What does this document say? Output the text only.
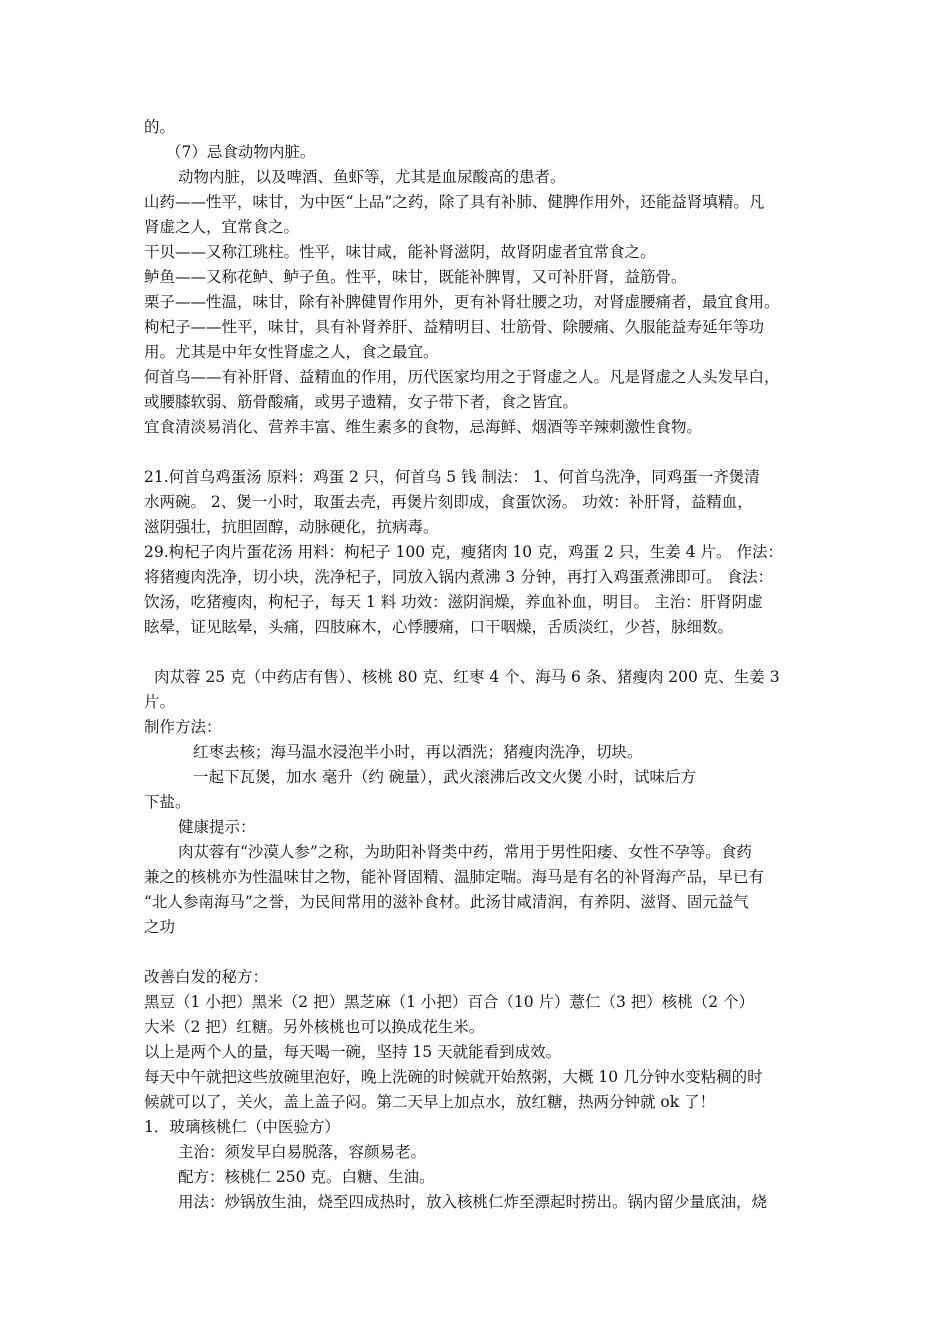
的。
（7）忌食动物内脏。
动物内脏，以及啤酒、鱼虾等，尤其是血尿酸高的患者。
山药——性平，味甘，为中医“上品”之药，除了具有补肺、健脾作用外，还能益肾填精。凡
肾虚之人，宜常食之。
干贝——又称江珧柱。性平，味甘咸，能补肾滋阴，故肾阴虚者宜常食之。
鲈鱼——又称花鲈、鲈子鱼。性平，味甘，既能补脾胃，又可补肝肾，益筋骨。
栗子——性温，味甘，除有补脾健胃作用外，更有补肾壮腰之功，对肾虚腰痛者，最宜食用。
枸杞子——性平，味甘，具有补肾养肝、益精明目、壮筋骨、除腰痛、久服能益寿延年等功
用。尤其是中年女性肾虚之人，食之最宜。
何首乌——有补肝肾、益精血的作用，历代医家均用之于肾虚之人。凡是肾虚之人头发早白，
或腰膝软弱、筋骨酸痛，或男子遗精，女子带下者，食之皆宜。
宜食清淡易消化、营养丰富、维生素多的食物，忌海鲜、烟酒等辛辣刺激性食物。
21.何首乌鸡蛋汤 原料：鸡蛋 2 只，何首乌 5 钱 制法： 1、何首乌洗净，同鸡蛋一齐煲清
水两碗。 2、煲一小时，取蛋去壳，再煲片刻即成，食蛋饮汤。 功效：补肝肾，益精血，
滋阴强壮，抗胆固醇，动脉硬化，抗病毒。
29.枸杞子肉片蛋花汤 用料：枸杞子 100 克，瘦猪肉 10 克，鸡蛋 2 只，生姜 4 片。 作法：
将猪瘦肉洗净，切小块，洗净杞子，同放入锅内煮沸 3 分钟，再打入鸡蛋煮沸即可。 食法：
饮汤，吃猪瘦肉，枸杞子，每天 1 料 功效：滋阴润燥，养血补血，明目。 主治：肝肾阴虚
眩晕，证见眩晕，头痛，四肢麻木，心悸腰痛，口干咽燥，舌质淡红，少苔，脉细数。
肉苁蓉 25 克（中药店有售）、核桃 80 克、红枣 4 个、海马 6 条、猪瘦肉 200 克、生姜 3
片。
制作方法：
红枣去核；海马温水浸泡半小时，再以酒洗；猪瘦肉洗净，切块。
一起下瓦煲，加水 毫升（约 碗量），武火滚沸后改文火煲 小时，试味后方
下盐。
健康提示：
肉苁蓉有“沙漠人参”之称，为助阳补肾类中药，常用于男性阳痿、女性不孕等。食药
兼之的核桃亦为性温味甘之物，能补肾固精、温肺定喘。海马是有名的补肾海产品，早已有
“北人参南海马”之誉，为民间常用的滋补食材。此汤甘咸清润，有养阴、滋肾、固元益气
之功
改善白发的秘方：
黑豆（1 小把）黑米（2 把）黑芝麻（1 小把）百合（10 片）薏仁（3 把）核桃（2 个）
大米（2 把）红糖。另外核桃也可以换成花生米。
以上是两个人的量，每天喝一碗，坚持 15 天就能看到成效。
每天中午就把这些放碗里泡好，晚上洗碗的时候就开始熬粥，大概 10 几分钟水变粘稠的时
候就可以了，关火，盖上盖子闷。第二天早上加点水，放红糖，热两分钟就 ok 了！
1．玻璃核桃仁（中医验方）
主治：须发早白易脱落，容颜易老。
配方：核桃仁 250 克。白糖、生油。
用法：炒锅放生油，烧至四成热时，放入核桃仁炸至漂起时捞出。锅内留少量底油，烧
